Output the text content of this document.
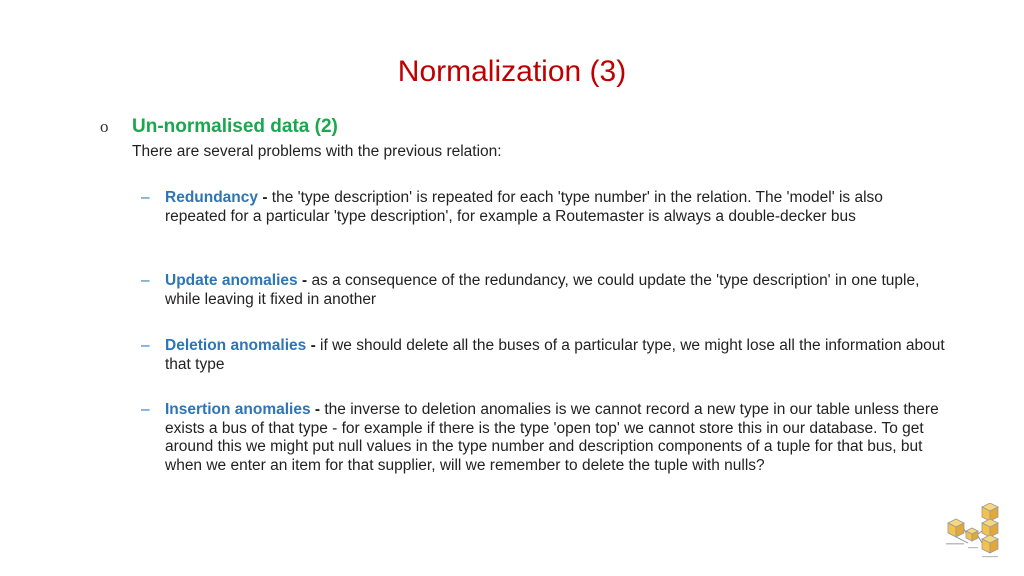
Normalization (3)
o Un-normalised data (2)
There are several problems with the previous relation:
– Redundancy - the 'type description' is repeated for each 'type number' in the relation. The 'model' is also repeated for a particular 'type description', for example a Routemaster is always a double-decker bus
– Update anomalies - as a consequence of the redundancy, we could update the 'type description' in one tuple, while leaving it fixed in another
– Deletion anomalies - if we should delete all the buses of a particular type, we might lose all the information about that type
– Insertion anomalies - the inverse to deletion anomalies is we cannot record a new type in our table unless there exists a bus of that type - for example if there is the type 'open top' we cannot store this in our database. To get around this we might put null values in the type number and description components of a tuple for that bus, but when we enter an item for that supplier, will we remember to delete the tuple with nulls?
